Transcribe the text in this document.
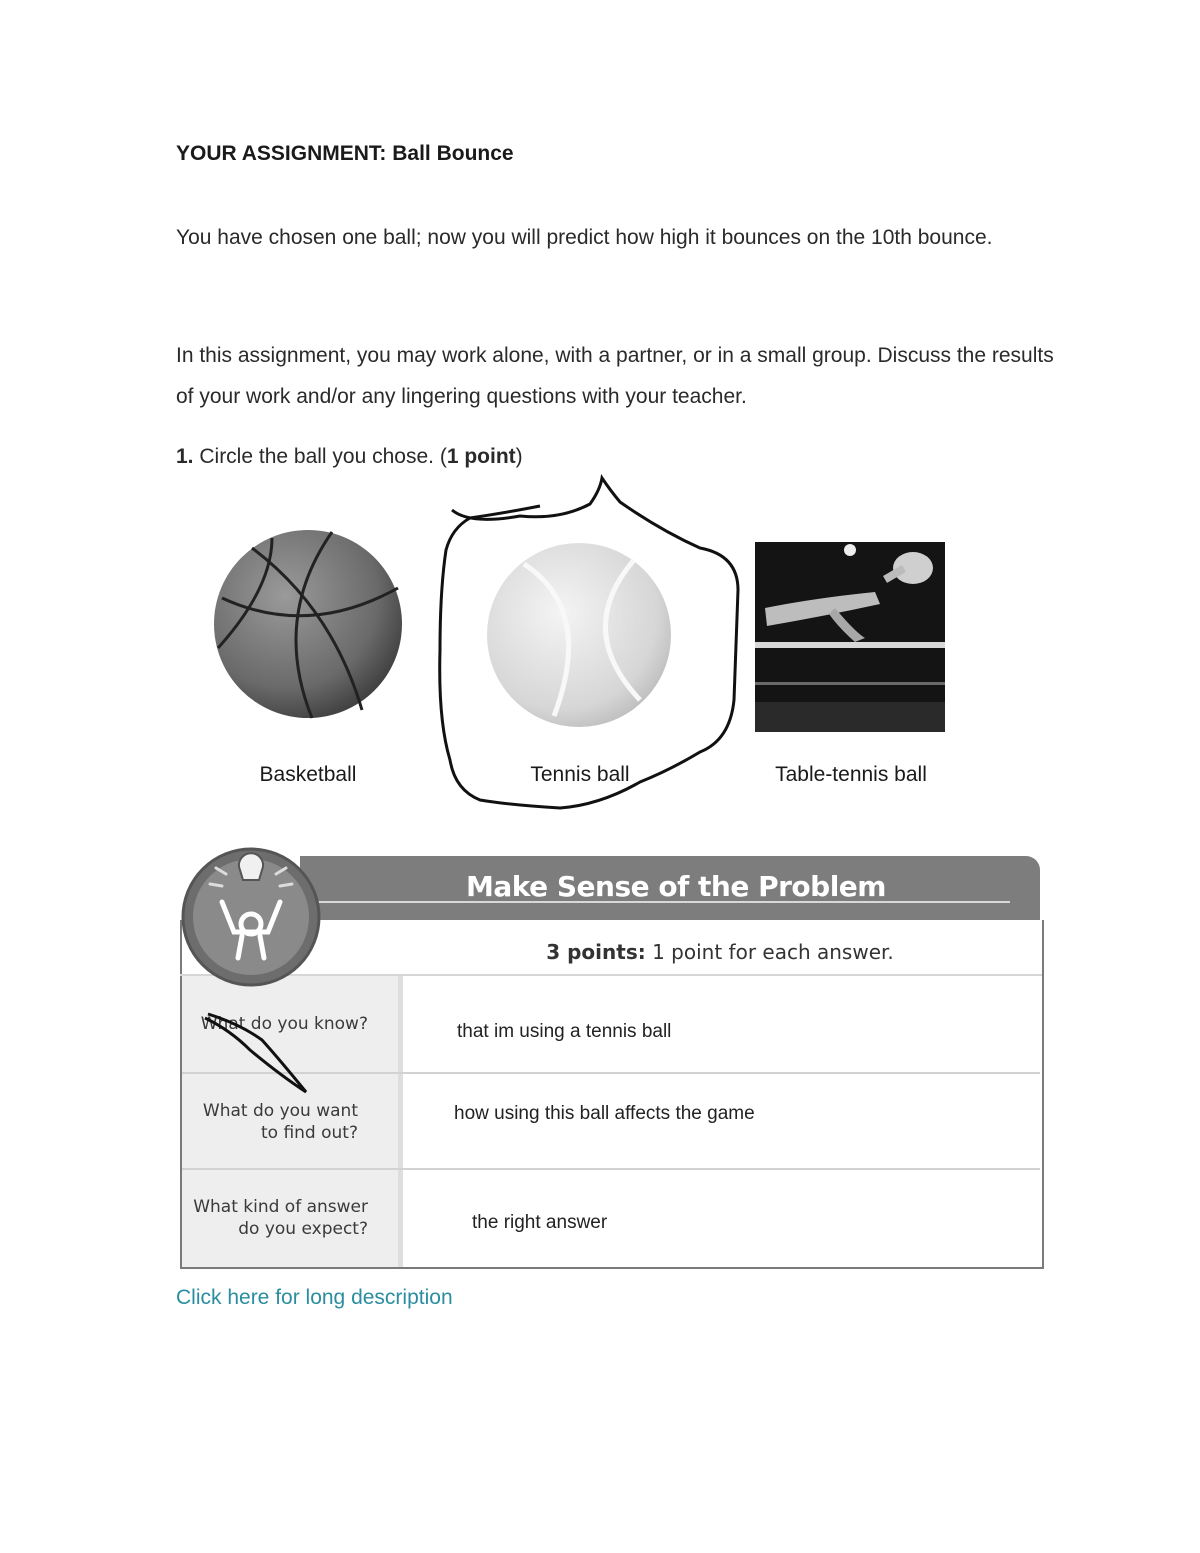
YOUR ASSIGNMENT: Ball Bounce
You have chosen one ball; now you will predict how high it bounces on the 10th bounce.
In this assignment, you may work alone, with a partner, or in a small group. Discuss the results of your work and/or any lingering questions with your teacher.
1. Circle the ball you chose. (1 point)
Basketball	Tennis ball	Table-tennis ball
Make Sense of the Problem
3 points: 1 point for each answer.
What do you know?
What do you want
to find out?
What kind of answer
do you expect?
that im using a tennis ball
how using this ball affects the game
the right answer
Click here for long description
